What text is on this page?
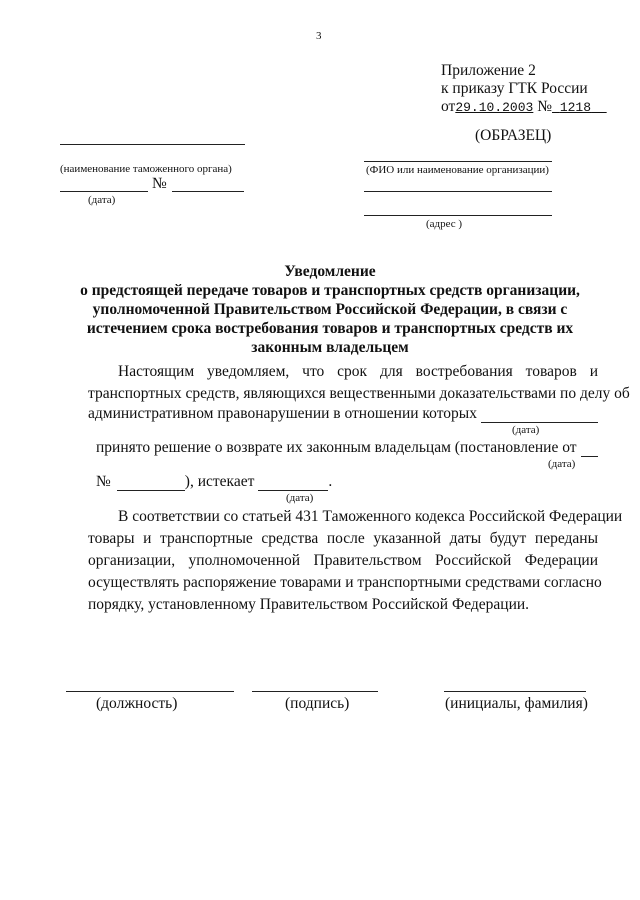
3
Приложение 2
к приказу ГТК России
от29.10.2003 № 1218
(ОБРАЗЕЦ)
(наименование таможенного органа)
№
(дата)
(ФИО или наименование организации)
(адрес )
Уведомление
о предстоящей передаче товаров и транспортных средств организации,
уполномоченной Правительством Российской Федерации, в связи с
истечением срока востребования товаров и транспортных средств их
законным владельцем
Настоящим уведомляем, что срок для востребования товаров и
транспортных средств, являющихся вещественными доказательствами по делу об
административном правонарушении в отношении которых
(дата)
принято решение о возврате их законным владельцам (постановление от
(дата)
№	), истекает	.
(дата)
В соответствии со статьей 431 Таможенного кодекса Российской Федерации
товары и транспортные средства после указанной даты будут переданы
организации, уполномоченной Правительством Российской Федерации
осуществлять распоряжение товарами и транспортными средствами согласно
порядку, установленному Правительством Российской Федерации.
(должность)	(подпись)	(инициалы, фамилия)
